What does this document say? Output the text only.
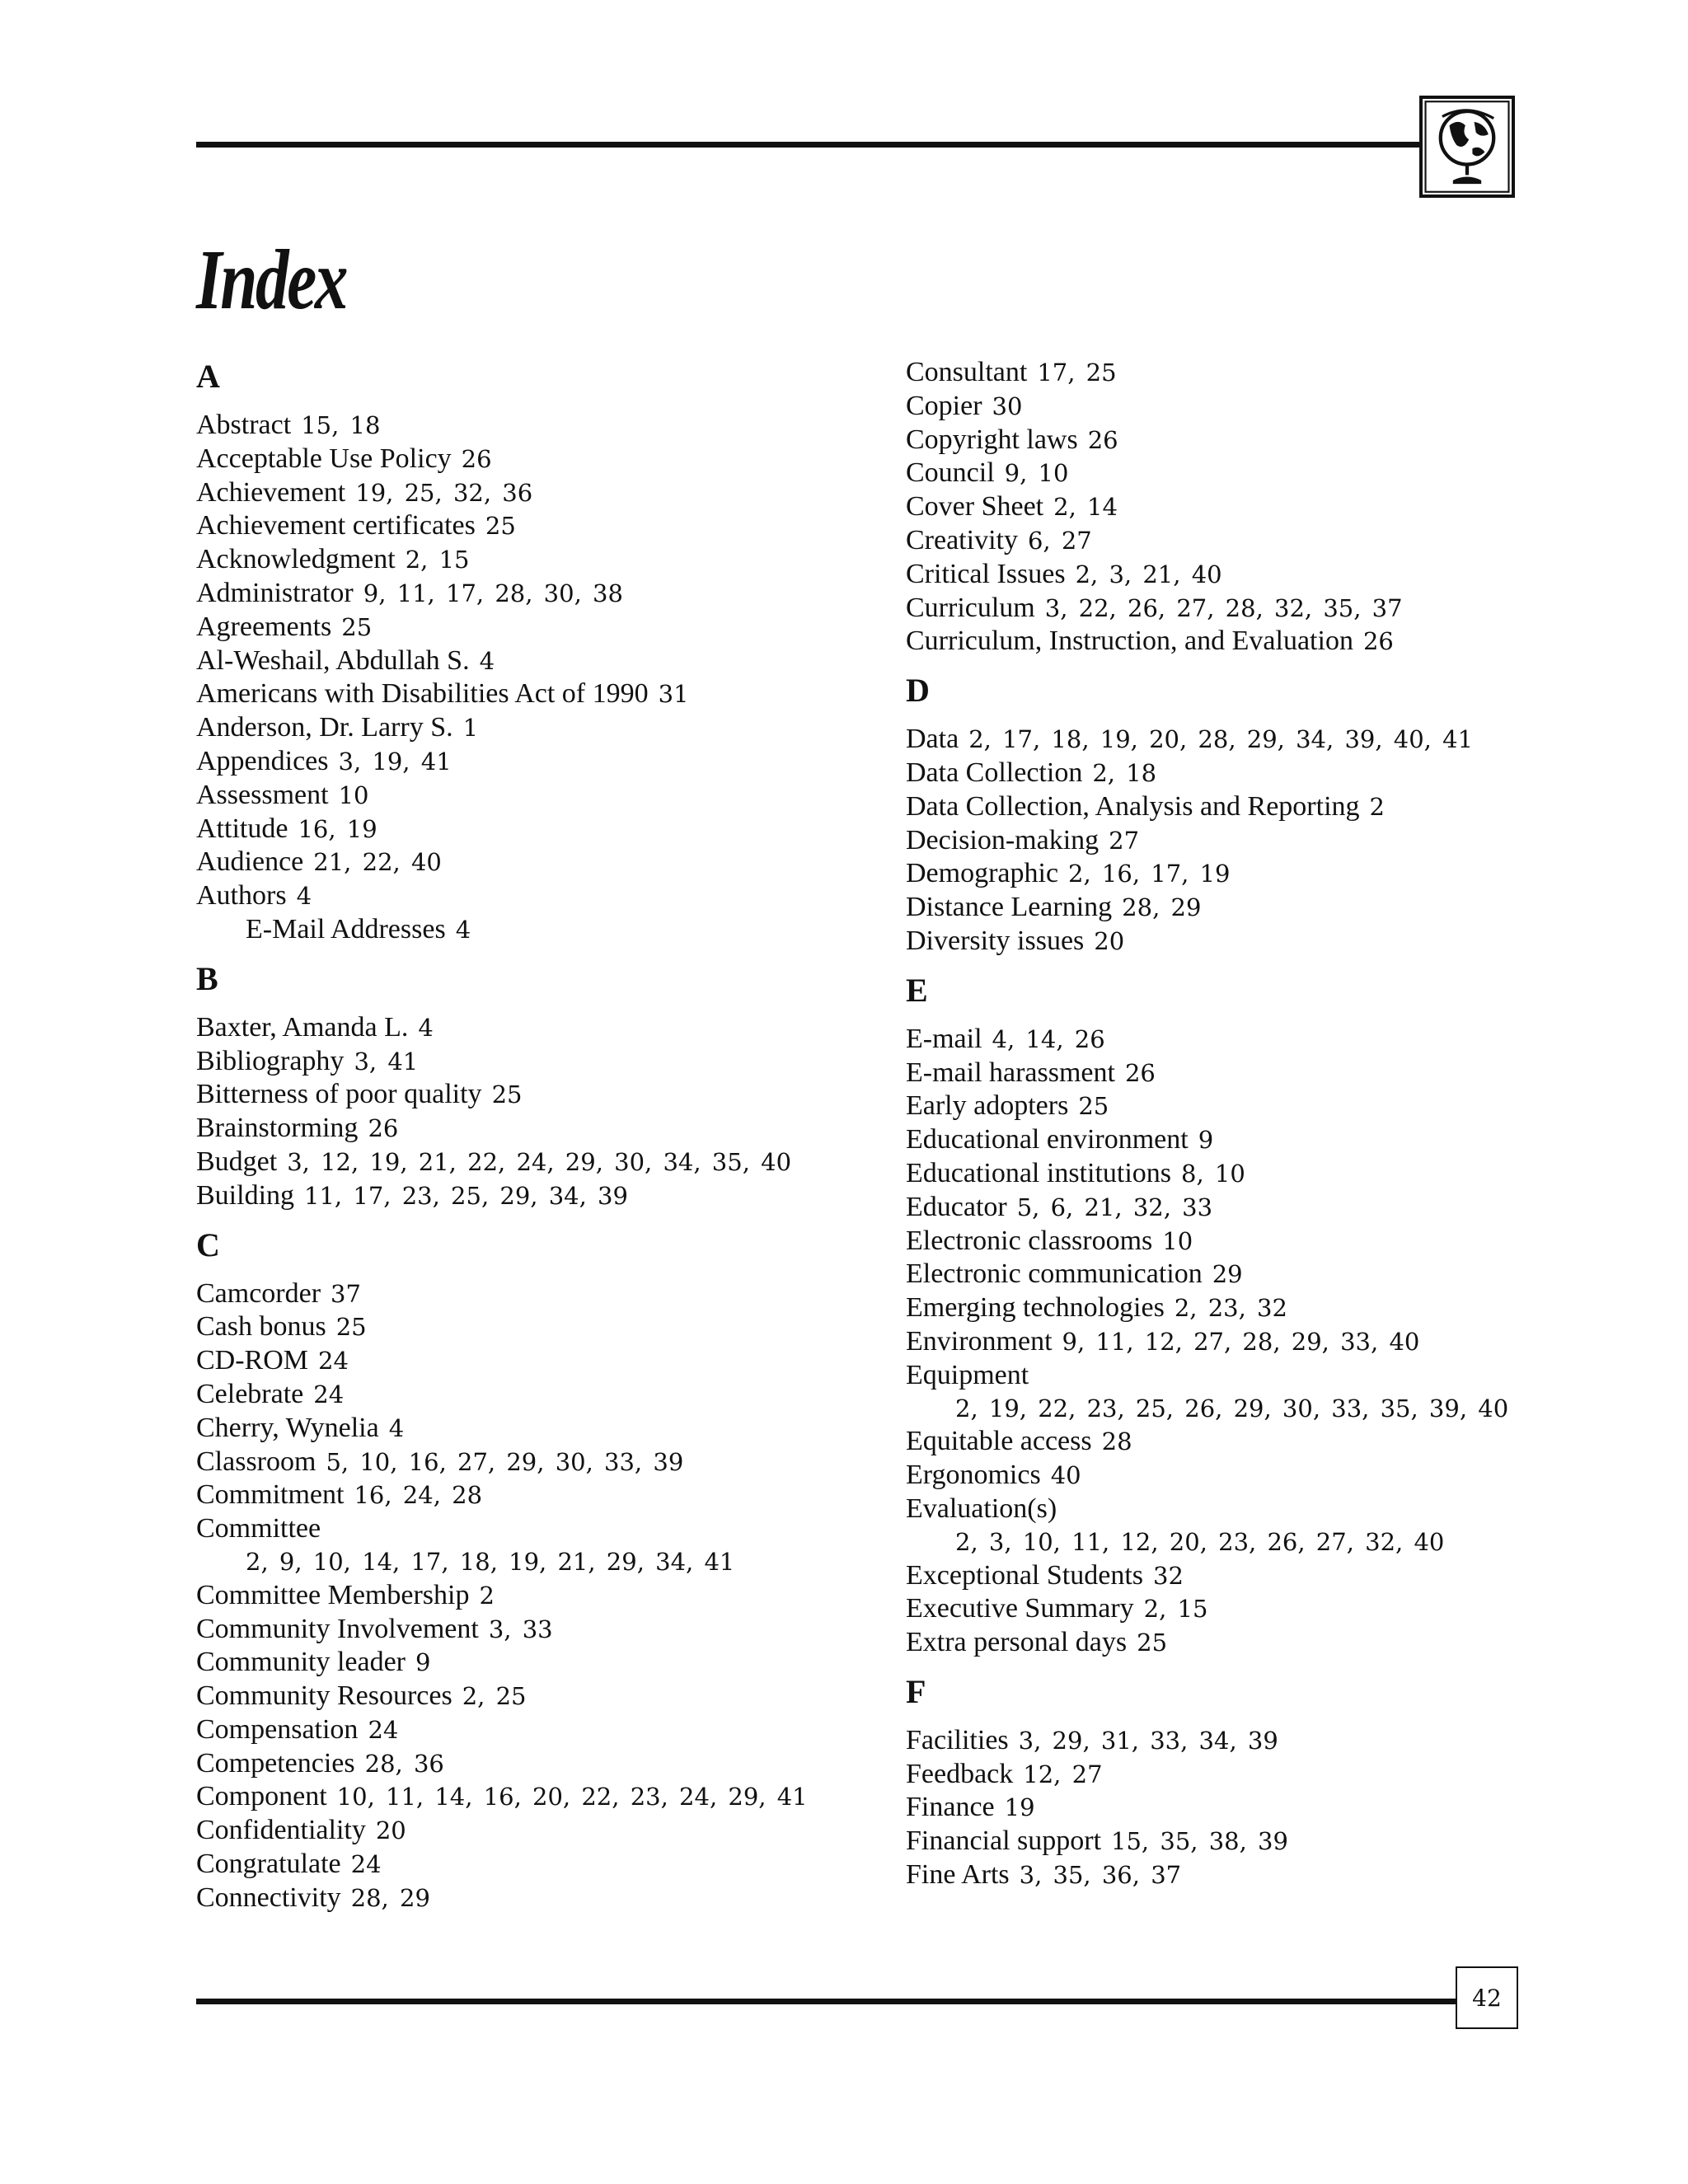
Index
A
Abstract 15, 18
Acceptable Use Policy 26
Achievement 19, 25, 32, 36
Achievement certificates 25
Acknowledgment 2, 15
Administrator 9, 11, 17, 28, 30, 38
Agreements 25
Al-Weshail, Abdullah S. 4
Americans with Disabilities Act of 1990 31
Anderson, Dr. Larry S. 1
Appendices 3, 19, 41
Assessment 10
Attitude 16, 19
Audience 21, 22, 40
Authors 4
E-Mail Addresses 4
B
Baxter, Amanda L. 4
Bibliography 3, 41
Bitterness of poor quality 25
Brainstorming 26
Budget 3, 12, 19, 21, 22, 24, 29, 30, 34, 35, 40
Building 11, 17, 23, 25, 29, 34, 39
C
Camcorder 37
Cash bonus 25
CD-ROM 24
Celebrate 24
Cherry, Wynelia 4
Classroom 5, 10, 16, 27, 29, 30, 33, 39
Commitment 16, 24, 28
Committee
2, 9, 10, 14, 17, 18, 19, 21, 29, 34, 41
Committee Membership 2
Community Involvement 3, 33
Community leader 9
Community Resources 2, 25
Compensation 24
Competencies 28, 36
Component 10, 11, 14, 16, 20, 22, 23, 24, 29, 41
Confidentiality 20
Congratulate 24
Connectivity 28, 29
Consultant 17, 25
Copier 30
Copyright laws 26
Council 9, 10
Cover Sheet 2, 14
Creativity 6, 27
Critical Issues 2, 3, 21, 40
Curriculum 3, 22, 26, 27, 28, 32, 35, 37
Curriculum, Instruction, and Evaluation 26
D
Data 2, 17, 18, 19, 20, 28, 29, 34, 39, 40, 41
Data Collection 2, 18
Data Collection, Analysis and Reporting 2
Decision-making 27
Demographic 2, 16, 17, 19
Distance Learning 28, 29
Diversity issues 20
E
E-mail 4, 14, 26
E-mail harassment 26
Early adopters 25
Educational environment 9
Educational institutions 8, 10
Educator 5, 6, 21, 32, 33
Electronic classrooms 10
Electronic communication 29
Emerging technologies 2, 23, 32
Environment 9, 11, 12, 27, 28, 29, 33, 40
Equipment
2, 19, 22, 23, 25, 26, 29, 30, 33, 35, 39, 40
Equitable access 28
Ergonomics 40
Evaluation(s)
2, 3, 10, 11, 12, 20, 23, 26, 27, 32, 40
Exceptional Students 32
Executive Summary 2, 15
Extra personal days 25
F
Facilities 3, 29, 31, 33, 34, 39
Feedback 12, 27
Finance 19
Financial support 15, 35, 38, 39
Fine Arts 3, 35, 36, 37
42
